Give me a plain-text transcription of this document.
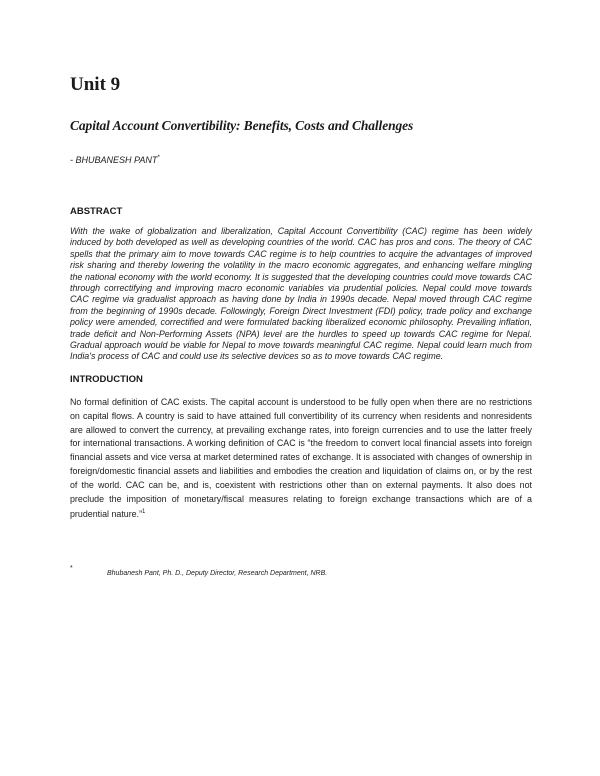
Unit 9
Capital Account Convertibility: Benefits, Costs and Challenges

- BHUBANESH PANT*

ABSTRACT

With the wake of globalization and liberalization, Capital Account Convertibility (CAC) regime has been widely induced by both developed as well as developing countries of the world. CAC has pros and cons. The theory of CAC spells that the primary aim to move towards CAC regime is to help countries to acquire the advantages of improved risk sharing and thereby lowering the volatility in the macro economic aggregates, and enhancing welfare mingling the national economy with the world economy. It is suggested that the developing countries could move towards CAC through correctifying and improving macro economic variables via prudential policies. Nepal could move towards CAC regime via gradualist approach as having done by India in 1990s decade. Nepal moved through CAC regime from the beginning of 1990s decade. Followingly, Foreign Direct Investment (FDI) policy, trade policy and exchange policy were amended, correctified and were formulated backing liberalized economic philosophy. Prevailing inflation, trade deficit and Non-Performing Assets (NPA) level are the hurdles to speed up towards CAC regime for Nepal. Gradual approach would be viable for Nepal to move towards meaningful CAC regime. Nepal could learn much from India's process of CAC and could use its selective devices so as to move towards CAC regime.

INTRODUCTION

No formal definition of CAC exists. The capital account is understood to be fully open when there are no restrictions on capital flows. A country is said to have attained full convertibility of its currency when residents and nonresidents are allowed to convert the currency, at prevailing exchange rates, into foreign currencies and to use the latter freely for international transactions. A working definition of CAC is “the freedom to convert local financial assets into foreign financial assets and vice versa at market determined rates of exchange. It is associated with changes of ownership in foreign/domestic financial assets and liabilities and embodies the creation and liquidation of claims on, or by the rest of the world. CAC can be, and is, coexistent with restrictions other than on external payments. It also does not preclude the imposition of monetary/fiscal measures relating to foreign exchange transactions which are of a prudential nature.”$^1$

*

Bhubanesh Pant, Ph. D., Deputy Director, Research Department, NRB.
